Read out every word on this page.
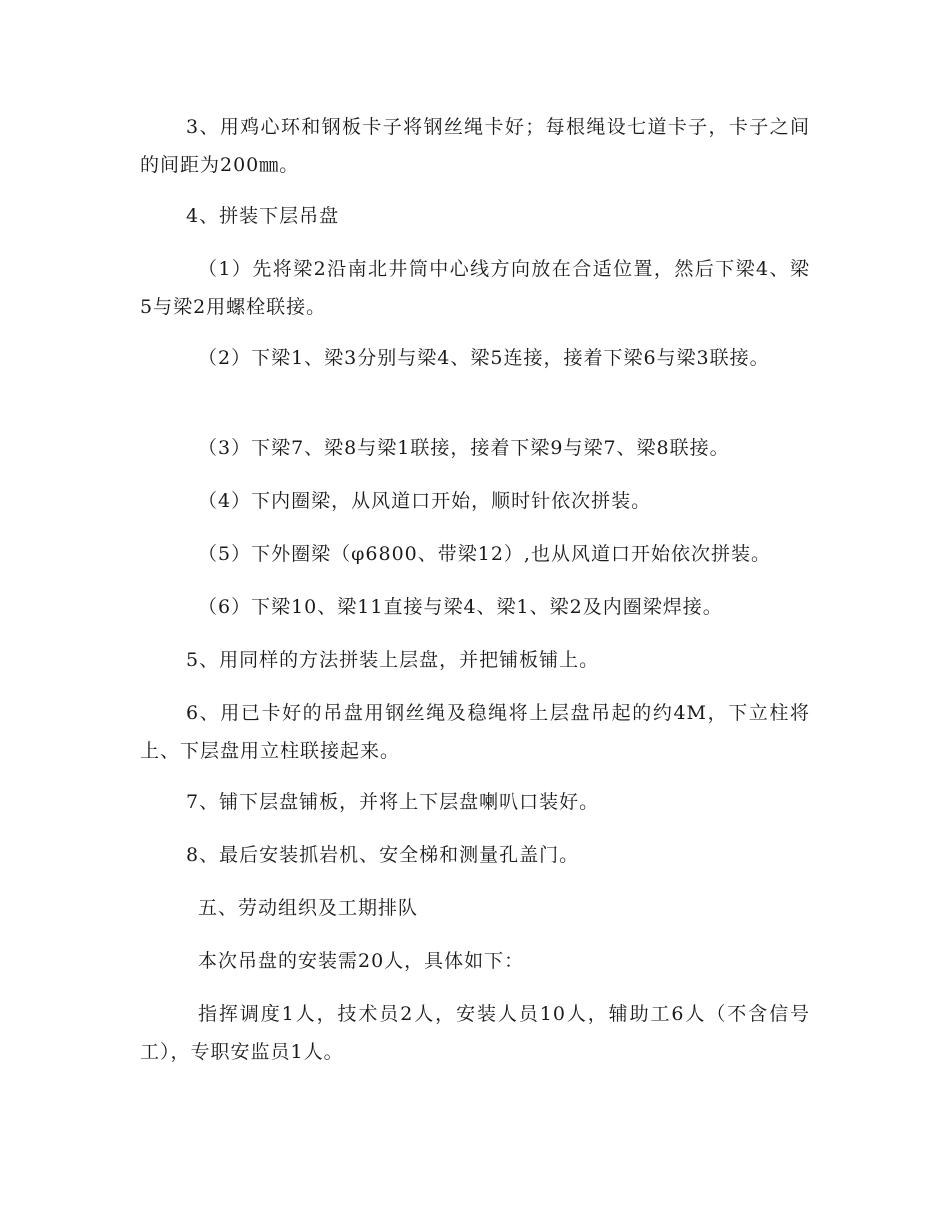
3、用鸡心环和钢板卡子将钢丝绳卡好；每根绳设七道卡子，卡子之间的间距为200㎜。

4、拼装下层吊盘

（1）先将梁2沿南北井筒中心线方向放在合适位置，然后下梁4、梁5与梁2用螺栓联接。

（2）下梁1、梁3分别与梁4、梁5连接，接着下梁6与梁3联接。

（3）下梁7、梁8与梁1联接，接着下梁9与梁7、梁8联接。

（4）下内圈梁，从风道口开始，顺时针依次拼装。

（5）下外圈梁（φ6800、带梁12）,也从风道口开始依次拼装。

（6）下梁10、梁11直接与梁4、梁1、梁2及内圈梁焊接。

5、用同样的方法拼装上层盘，并把铺板铺上。

6、用已卡好的吊盘用钢丝绳及稳绳将上层盘吊起的约4M，下立柱将上、下层盘用立柱联接起来。

7、铺下层盘铺板，并将上下层盘喇叭口装好。

8、最后安装抓岩机、安全梯和测量孔盖门。

五、劳动组织及工期排队

本次吊盘的安装需20人，具体如下：

指挥调度1人，技术员2人，安装人员10人，辅助工6人（不含信号工），专职安监员1人。
